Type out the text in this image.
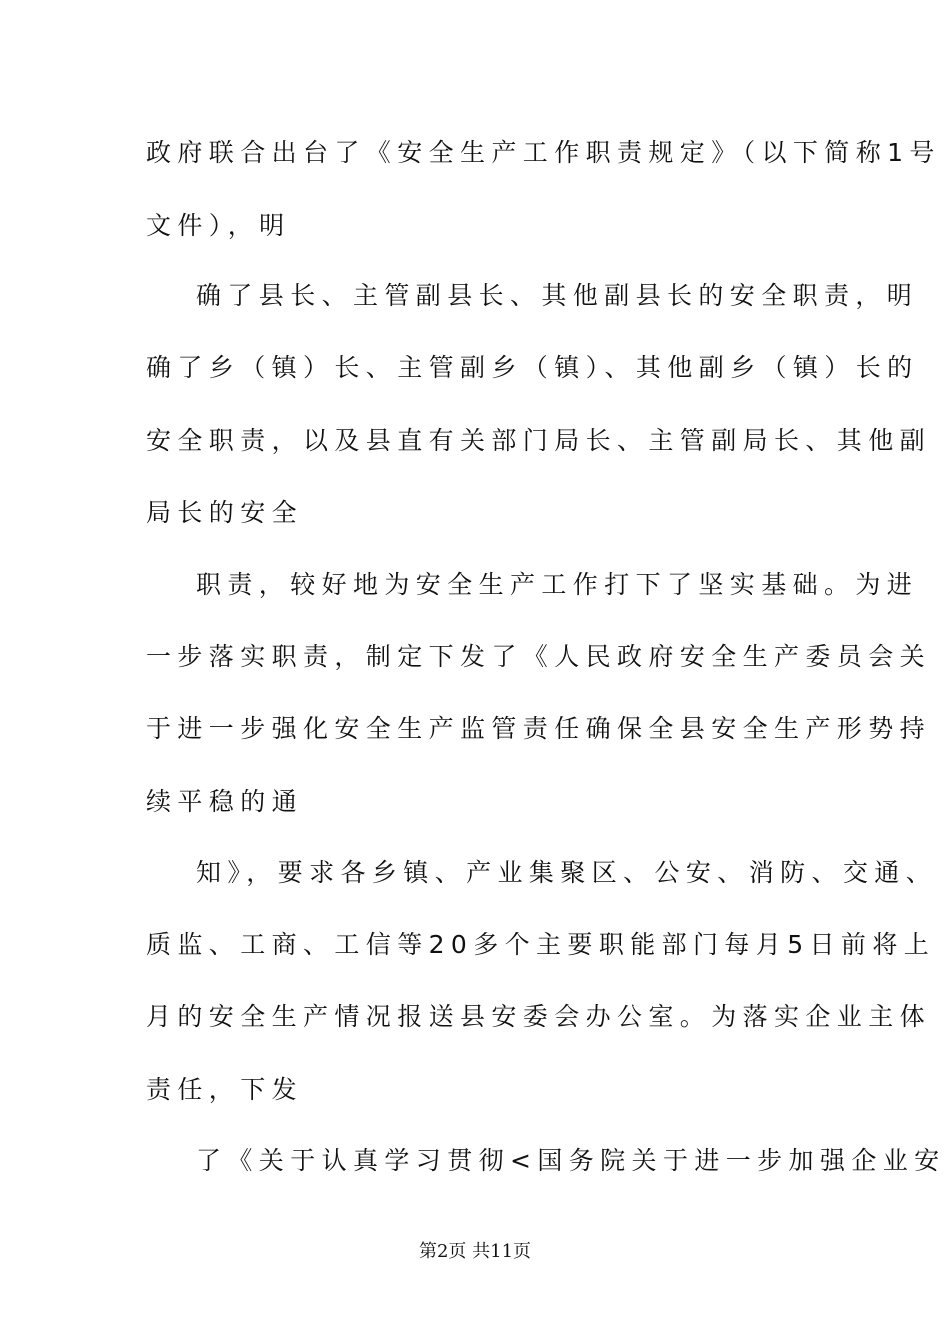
政府联合出台了《安全生产工作职责规定》（以下简称1号
文件），明
确了县长、主管副县长、其他副县长的安全职责，明
确了乡（镇）长、主管副乡（镇）、其他副乡（镇）长的
安全职责，以及县直有关部门局长、主管副局长、其他副
局长的安全
职责，较好地为安全生产工作打下了坚实基础。为进
一步落实职责，制定下发了《人民政府安全生产委员会关
于进一步强化安全生产监管责任确保全县安全生产形势持
续平稳的通
知》，要求各乡镇、产业集聚区、公安、消防、交通、
质监、工商、工信等20多个主要职能部门每月5日前将上
月的安全生产情况报送县安委会办公室。为落实企业主体
责任，下发
了《关于认真学习贯彻<国务院关于进一步加强企业安
第2页 共11页
